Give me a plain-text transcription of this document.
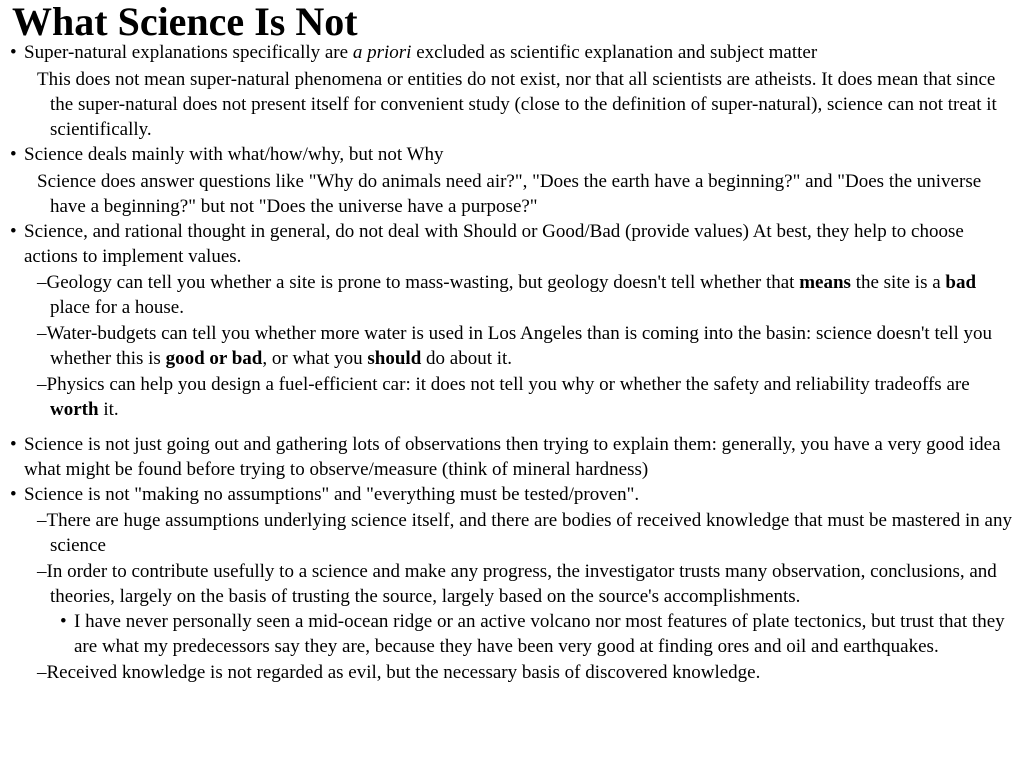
What Science Is Not
• Super-natural explanations specifically are a priori excluded as scientific explanation and subject matter
This does not mean super-natural phenomena or entities do not exist, nor that all scientists are atheists. It does mean that since the super-natural does not present itself for convenient study (close to the definition of super-natural), science can not treat it scientifically.
• Science deals mainly with what/how/why, but not Why
Science does answer questions like "Why do animals need air?", "Does the earth have a beginning?" and "Does the universe have a beginning?" but not "Does the universe have a purpose?"
• Science, and rational thought in general, do not deal with Should or Good/Bad (provide values) At best, they help to choose actions to implement values.
–Geology can tell you whether a site is prone to mass-wasting, but geology doesn't tell whether that means the site is a bad place for a house.
–Water-budgets can tell you whether more water is used in Los Angeles than is coming into the basin: science doesn't tell you whether this is good or bad, or what you should do about it.
–Physics can help you design a fuel-efficient car: it does not tell you why or whether the safety and reliability tradeoffs are worth it.
• Science is not just going out and gathering lots of observations then trying to explain them: generally, you have a very good idea what might be found before trying to observe/measure (think of mineral hardness)
• Science is not "making no assumptions" and "everything must be tested/proven".
–There are huge assumptions underlying science itself, and there are bodies of received knowledge that must be mastered in any science
–In order to contribute usefully to a science and make any progress, the investigator trusts many observation, conclusions, and theories, largely on the basis of trusting the source, largely based on the source's accomplishments.
• I have never personally seen a mid-ocean ridge or an active volcano nor most features of plate tectonics, but trust that they are what my predecessors say they are, because they have been very good at finding ores and oil and earthquakes.
–Received knowledge is not regarded as evil, but the necessary basis of discovered knowledge.
